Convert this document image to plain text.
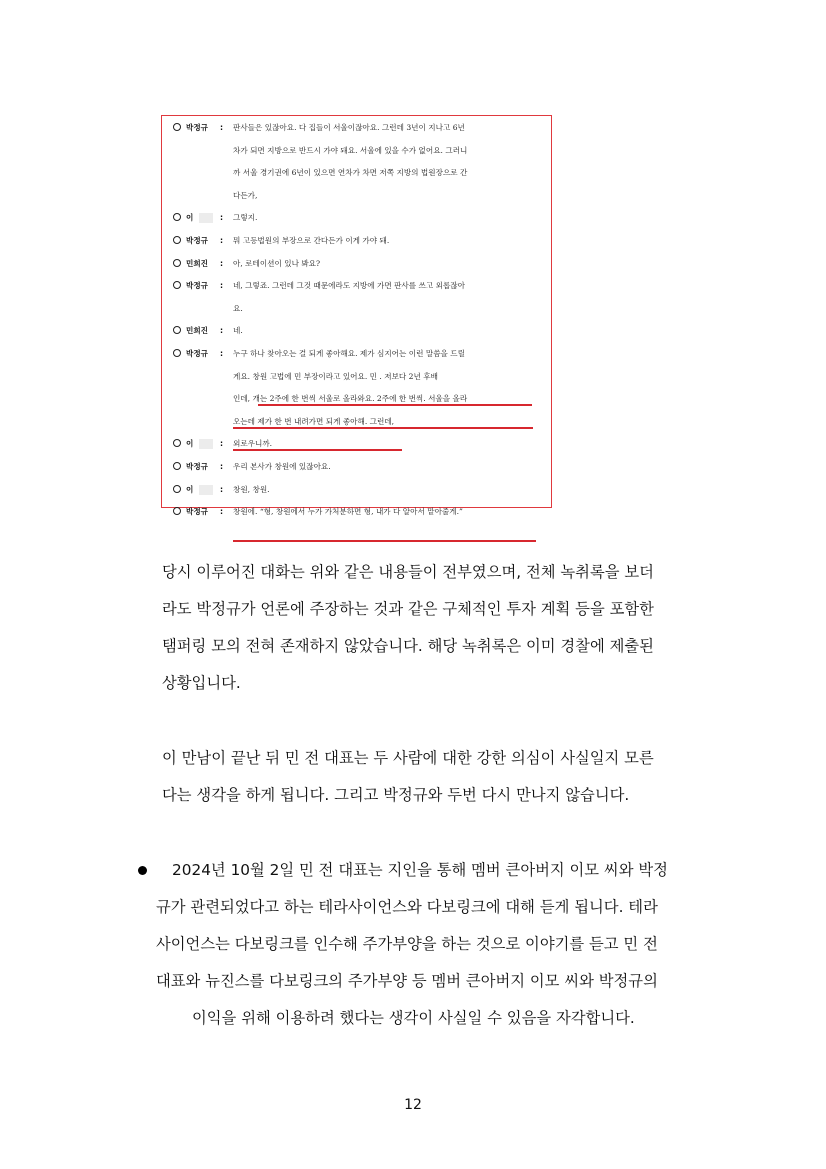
박정규 : 판사들은 있잖아요. 다 집들이 서울이잖아요. 그런데 3년이 지나고 6년
차가 되면 지방으로 반드시 가야 돼요. 서울에 있을 수가 없어요. 그러니
까 서울 경기권에 6년이 있으면 연차가 차면 저쪽 지방의 법원장으로 간
다든가,
이	: 그렇지.
박정규 : 뭐 고등법원의 부장으로 간다든가 이게 가야 돼.
민희진 : 아, 로테이션이 있나 봐요?
박정규 : 네, 그렇죠. 그런데 그것 때문에라도 지방에 가면 판사를 쓰고 외롭잖아
요.
민희진 : 네.
박정규 : 누구 하나 찾아오는 걸 되게 좋아해요. 제가 심지어는 이런 말씀을 드릴
게요. 창원 고법에 민 부장이라고 있어요. 민 . 저보다 2년 후배
인데, 개는 2주에 한 번씩 서울로 올라와요. 2주에 한 번씩. 서울을 올라
오는데 제가 한 번 내려가면 되게 좋아해. 그런데,
이	: 외로우니까.
박정규 : 우리 본사가 창원에 있잖아요.
이	: 창원, 창원.
박정규 : 창원에. “형, 창원에서 누가 가처분하면 형, 내가 다 알아서 맡아줄게.”
당시 이루어진 대화는 위와 같은 내용들이 전부였으며, 전체 녹취록을 보더
라도 박정규가 언론에 주장하는 것과 같은 구체적인 투자 계획 등을 포함한
탬퍼링 모의 전혀 존재하지 않았습니다. 해당 녹취록은 이미 경찰에 제출된
상황입니다.
이 만남이 끝난 뒤 민 전 대표는 두 사람에 대한 강한 의심이 사실일지 모른
다는 생각을 하게 됩니다. 그리고 박정규와 두번 다시 만나지 않습니다.
2024년 10월 2일 민 전 대표는 지인을 통해 멤버 큰아버지 이모 씨와 박정
규가 관련되었다고 하는 테라사이언스와 다보링크에 대해 듣게 됩니다. 테라
사이언스는 다보링크를 인수해 주가부양을 하는 것으로 이야기를 듣고 민 전
대표와 뉴진스를 다보링크의 주가부양 등 멤버 큰아버지 이모 씨와 박정규의
이익을 위해 이용하려 했다는 생각이 사실일 수 있음을 자각합니다.
12
